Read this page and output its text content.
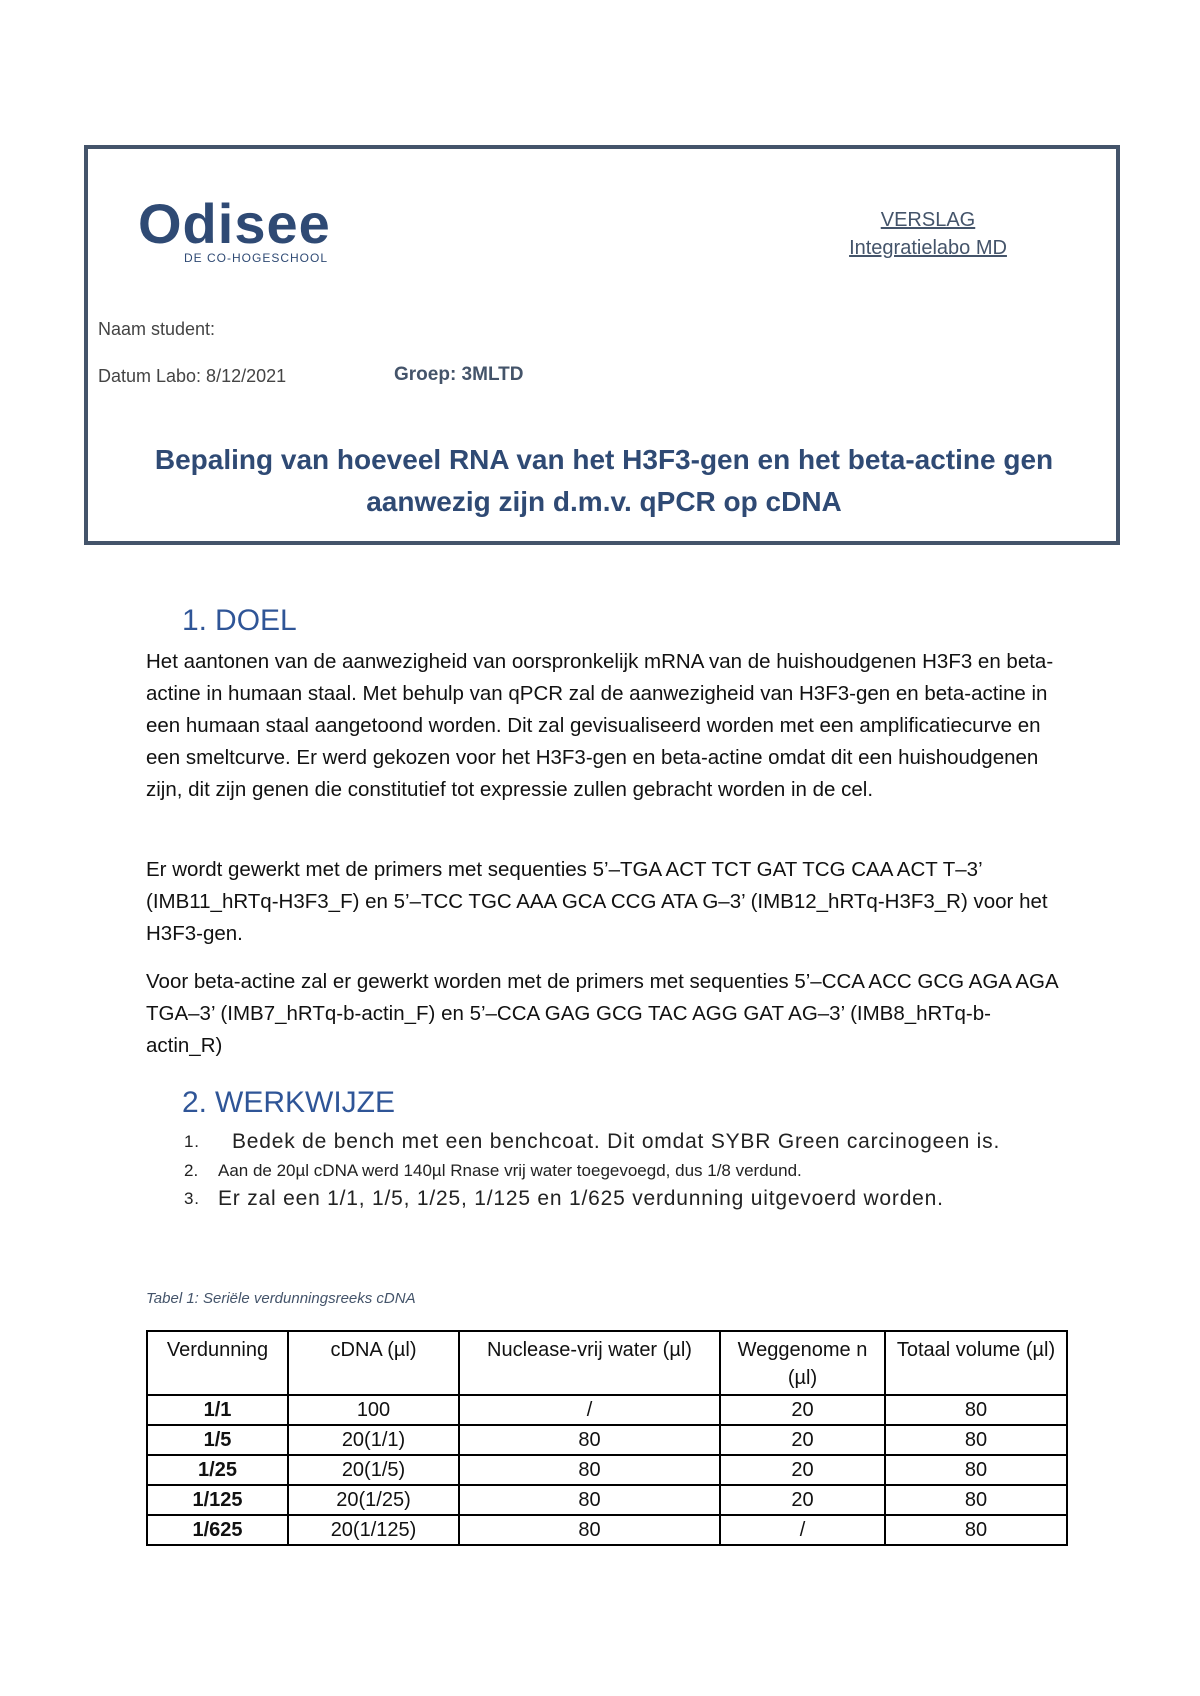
Odisee
DE CO-HOGESCHOOL
VERSLAG
Integratielabo MD
Naam student:
Datum Labo: 8/12/2021	Groep: 3MLTD
Bepaling van hoeveel RNA van het H3F3-gen en het beta-actine gen aanwezig zijn d.m.v. qPCR op cDNA
1. DOEL
Het aantonen van de aanwezigheid van oorspronkelijk mRNA van de huishoudgenen H3F3 en beta-actine in humaan staal. Met behulp van qPCR zal de aanwezigheid van H3F3-gen en beta-actine in een humaan staal aangetoond worden. Dit zal gevisualiseerd worden met een amplificatiecurve en een smeltcurve. Er werd gekozen voor het H3F3-gen en beta-actine omdat dit een huishoudgenen zijn, dit zijn genen die constitutief tot expressie zullen gebracht worden in de cel.
Er wordt gewerkt met de primers met sequenties 5’–TGA ACT TCT GAT TCG CAA ACT T–3’ (IMB11_hRTq-H3F3_F) en 5’–TCC TGC AAA GCA CCG ATA G–3’ (IMB12_hRTq-H3F3_R) voor het H3F3-gen.
Voor beta-actine zal er gewerkt worden met de primers met sequenties 5’–CCA ACC GCG AGA AGA TGA–3’ (IMB7_hRTq-b-actin_F) en 5’–CCA GAG GCG TAC AGG GAT AG–3’ (IMB8_hRTq-b-actin_R)
2. WERKWIJZE
1.	Bedek de bench met een benchcoat. Dit omdat SYBR Green carcinogeen is.
2. Aan de 20µl cDNA werd 140µl Rnase vrij water toegevoegd, dus 1/8 verdund.
3. Er zal een 1/1, 1/5, 1/25, 1/125 en 1/625 verdunning uitgevoerd worden.
Tabel 1: Seriële verdunningsreeks cDNA
Verdunning	cDNA (µl)	Nuclease-vrij water (µl)	Weggenome n (µl)	Totaal volume (µl)
1/1	100	/	20	80
1/5	20(1/1)	80	20	80
1/25	20(1/5)	80	20	80
1/125	20(1/25)	80	20	80
1/625	20(1/125)	80	/	80
